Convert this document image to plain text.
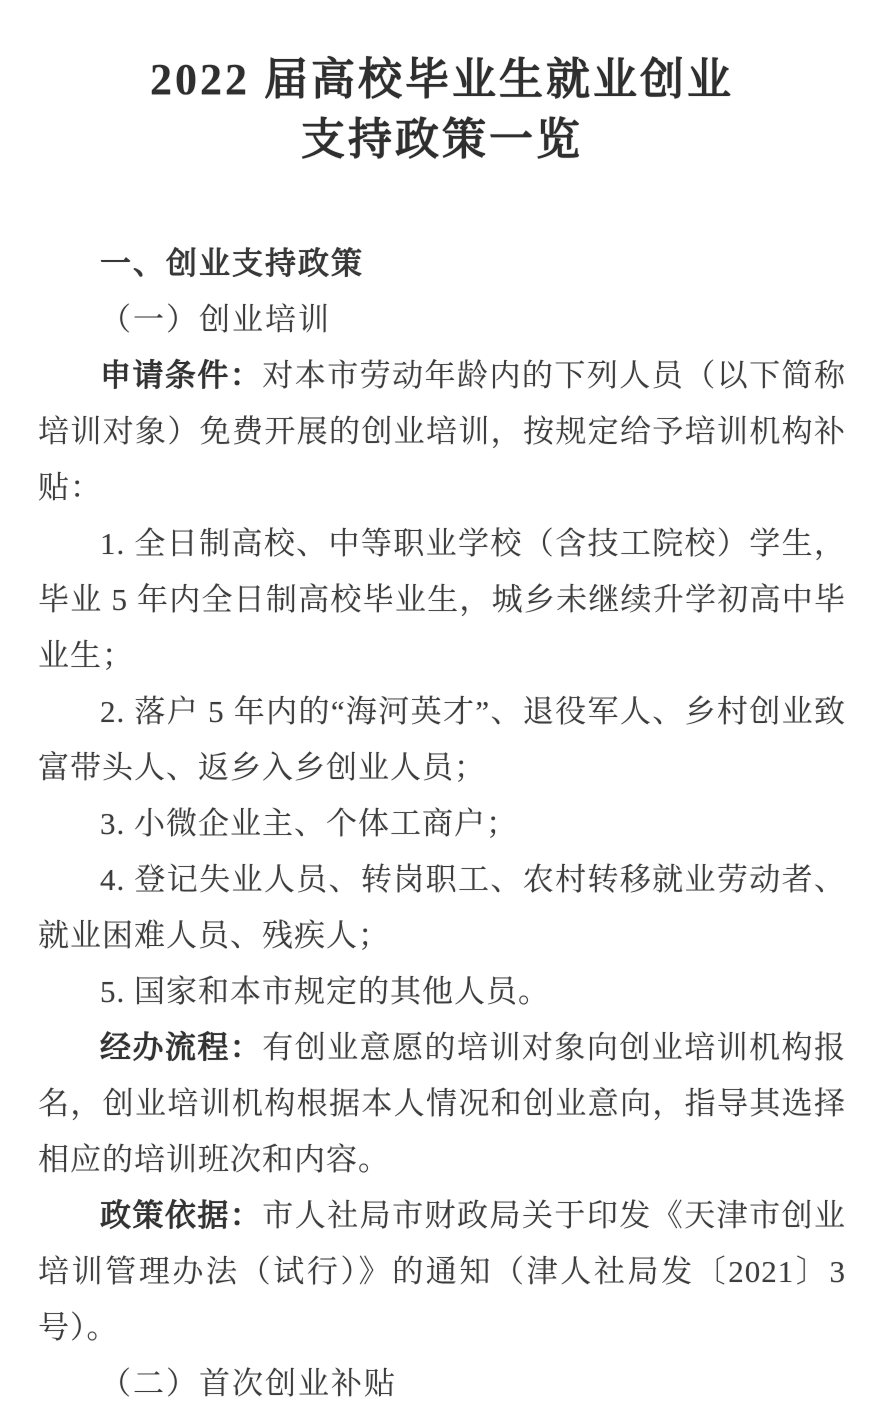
2022 届高校毕业生就业创业
支持政策一览

一、创业支持政策

（一）创业培训

申请条件：对本市劳动年龄内的下列人员（以下简称培训对象）免费开展的创业培训，按规定给予培训机构补贴：

1. 全日制高校、中等职业学校（含技工院校）学生，毕业 5 年内全日制高校毕业生，城乡未继续升学初高中毕业生；

2. 落户 5 年内的“海河英才”、退役军人、乡村创业致富带头人、返乡入乡创业人员；

3. 小微企业主、个体工商户；

4. 登记失业人员、转岗职工、农村转移就业劳动者、就业困难人员、残疾人；

5. 国家和本市规定的其他人员。

经办流程：有创业意愿的培训对象向创业培训机构报名，创业培训机构根据本人情况和创业意向，指导其选择相应的培训班次和内容。

政策依据：市人社局市财政局关于印发《天津市创业培训管理办法（试行）》的通知（津人社局发〔2021〕3 号）。

（二）首次创业补贴
